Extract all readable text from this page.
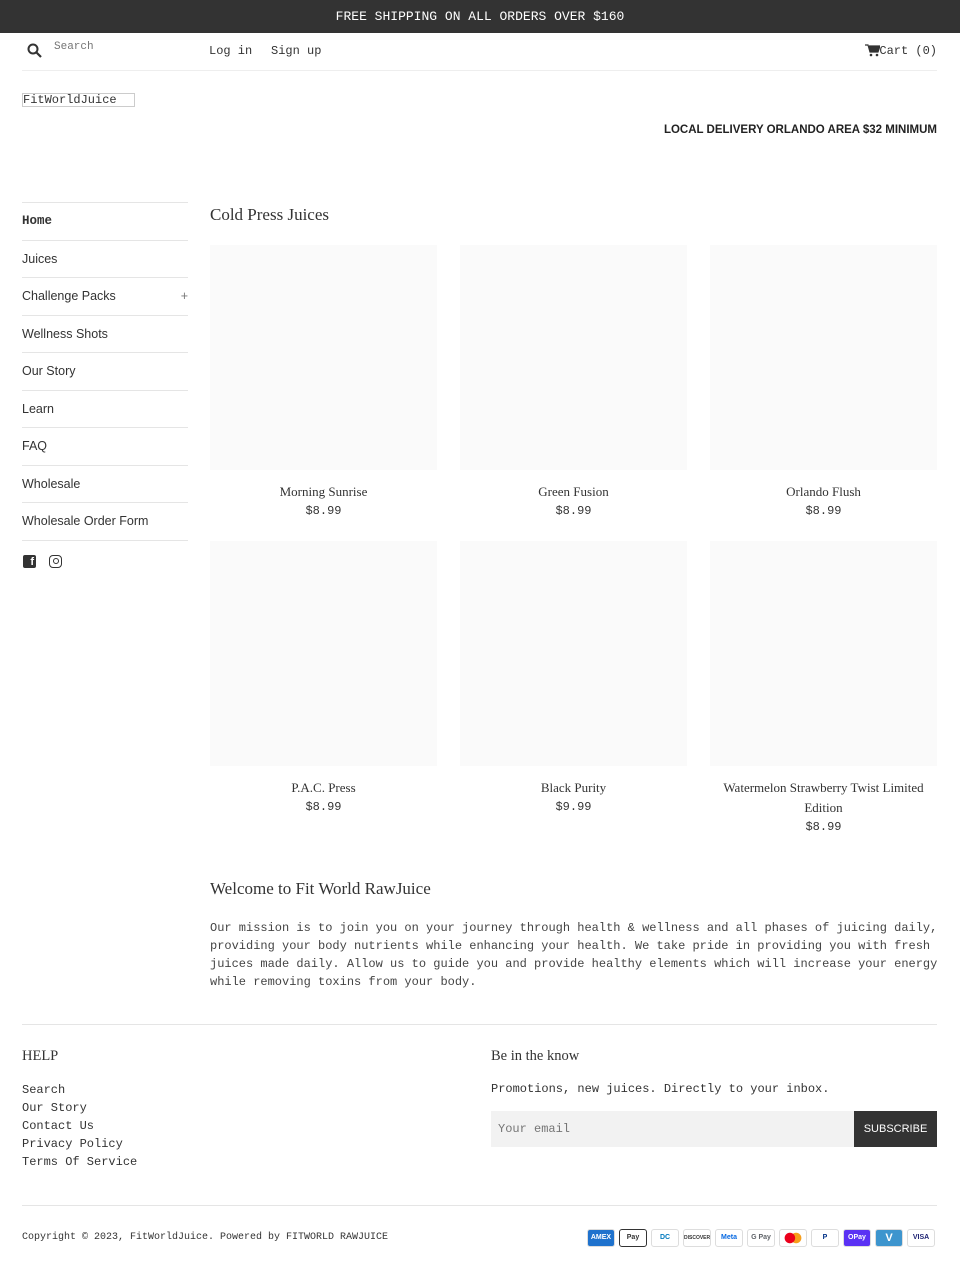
FREE SHIPPING ON ALL ORDERS OVER $160
Search
Log in Sign up	Cart (0)
FitWorldJuice
LOCAL DELIVERY ORLANDO AREA $32 MINIMUM
Home
Juices
Challenge Packs	+
Wellness Shots
Our Story
Learn
FAQ
Wholesale
Wholesale Order Form
f
Cold Press Juices
Morning Sunrise
$8.99
Green Fusion
$8.99
Orlando Flush
$8.99
P.A.C. Press
$8.99
Black Purity
$9.99
Watermelon Strawberry Twist Limited Edition
$8.99
Welcome to Fit World RawJuice

Our mission is to join you on your journey through health & wellness and all phases of juicing daily, providing your body nutrients while enhancing your health. We take pride in providing you with fresh juices made daily. Allow us to guide you and provide healthy elements which will increase your energy while removing toxins from your body.

HELP
Search
Our Story
Contact Us
Privacy Policy
Terms Of Service
Be in the know

Promotions, new juices. Directly to your inbox.

Your email
SUBSCRIBE
Copyright © 2023, FitWorldJuice. Powered by FITWORLD RAWJUICE	AMEX	Pay	DC	DISCOVER	Meta	G Pay	P	OPay	V	VISA
